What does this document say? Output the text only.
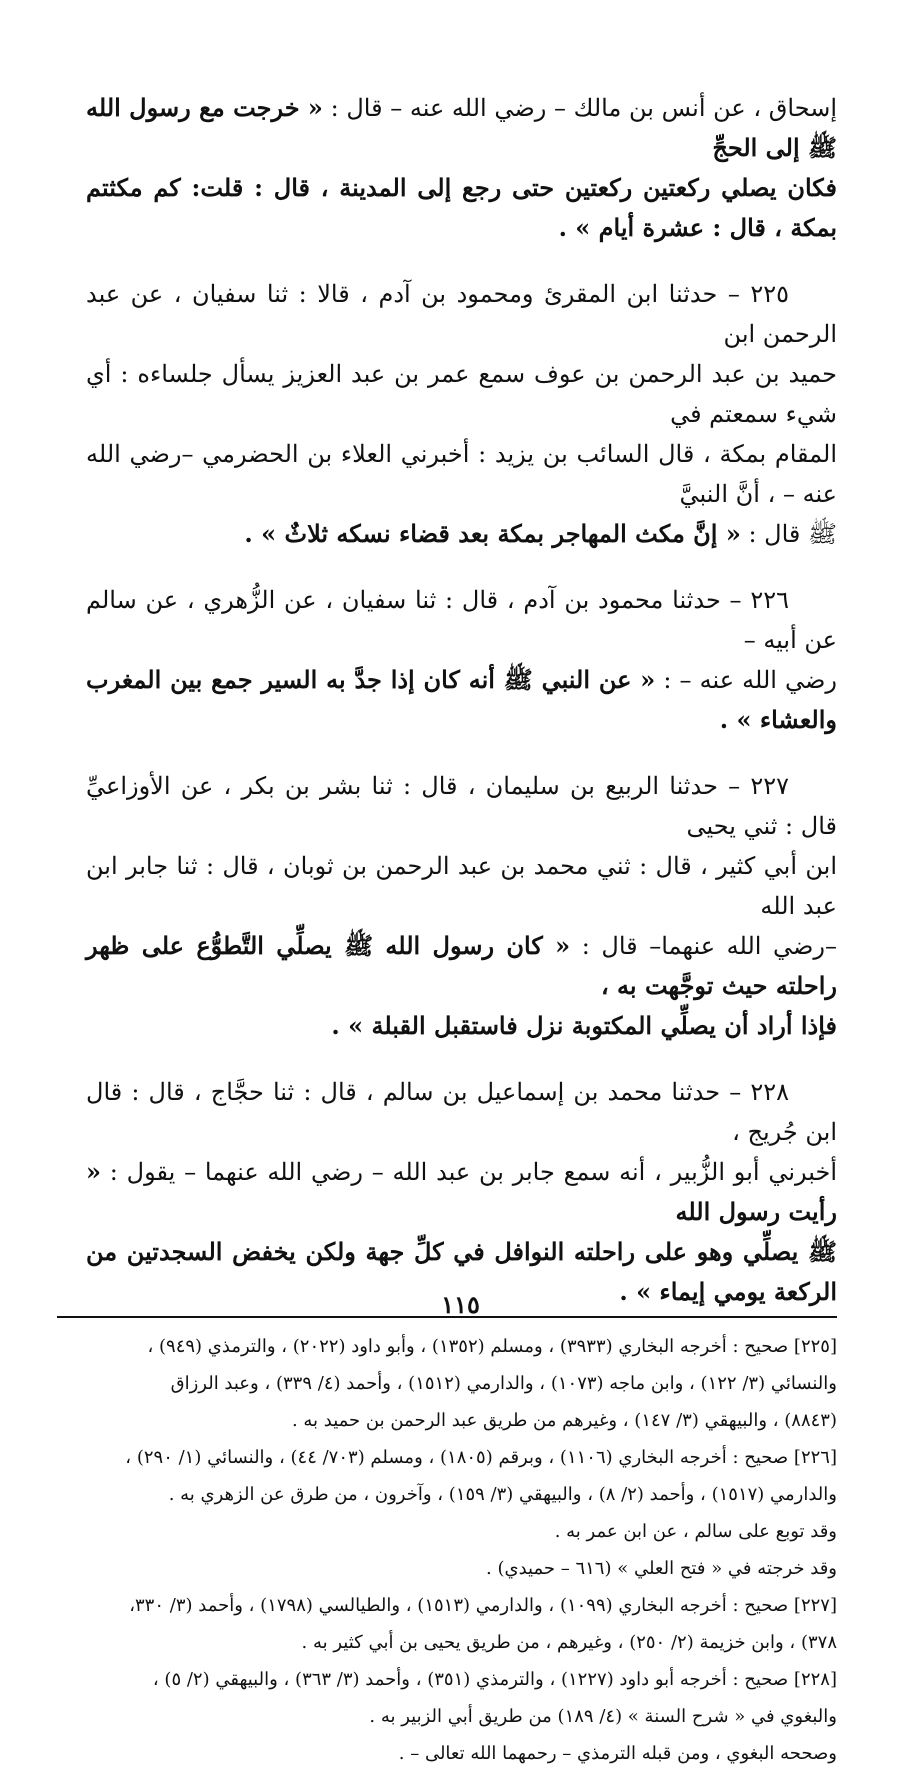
إسحاق ، عن أنس بن مالك – رضي الله عنه – قال : « خرجت مع رسول الله ﷺ إلى الحجِّ
فكان يصلي ركعتين ركعتين حتى رجع إلى المدينة ، قال : قلت: كم مكثتم بمكة ، قال : عشرة أيام » .
٢٢٥ – حدثنا ابن المقرئ ومحمود بن آدم ، قالا : ثنا سفيان ، عن عبد الرحمن ابن
حميد بن عبد الرحمن بن عوف سمع عمر بن عبد العزيز يسأل جلساءه : أي شيء سمعتم في
المقام بمكة ، قال السائب بن يزيد : أخبرني العلاء بن الحضرمي –رضي الله عنه – ، أنَّ النبيَّ
ﷺ قال : « إنَّ مكث المهاجر بمكة بعد قضاء نسكه ثلاثٌ » .
٢٢٦ – حدثنا محمود بن آدم ، قال : ثنا سفيان ، عن الزُّهري ، عن سالم عن أبيه –
رضي الله عنه – : « عن النبي ﷺ أنه كان إذا جدَّ به السير جمع بين المغرب والعشاء » .
٢٢٧ – حدثنا الربيع بن سليمان ، قال : ثنا بشر بن بكر ، عن الأوزاعيِّ قال : ثني يحيى
ابن أبي كثير ، قال : ثني محمد بن عبد الرحمن بن ثوبان ، قال : ثنا جابر ابن عبد الله
–رضي الله عنهما– قال : « كان رسول الله ﷺ يصلِّي التَّطوُّع على ظهر راحلته حيث توجَّهت به ،
فإذا أراد أن يصلِّي المكتوبة نزل فاستقبل القبلة » .
٢٢٨ – حدثنا محمد بن إسماعيل بن سالم ، قال : ثنا حجَّاج ، قال : قال ابن جُريج ،
أخبرني أبو الزُّبير ، أنه سمع جابر بن عبد الله – رضي الله عنهما – يقول : « رأيت رسول الله
ﷺ يصلِّي وهو على راحلته النوافل في كلِّ جهة ولكن يخفض السجدتين من الركعة يومي إيماء » .
[٢٢٥] صحيح : أخرجه البخاري (٣٩٣٣) ، ومسلم (١٣٥٢) ، وأبو داود (٢٠٢٢) ، والترمذي (٩٤٩) ،
والنسائي (٣/ ١٢٢) ، وابن ماجه (١٠٧٣) ، والدارمي (١٥١٢) ، وأحمد (٤/ ٣٣٩) ، وعبد الرزاق
(٨٨٤٣) ، والبيهقي (٣/ ١٤٧) ، وغيرهم من طريق عبد الرحمن بن حميد به .
[٢٢٦] صحيح : أخرجه البخاري (١١٠٦) ، وبرقم (١٨٠٥) ، ومسلم (٧٠٣/ ٤٤) ، والنسائي (١/ ٢٩٠) ،
والدارمي (١٥١٧) ، وأحمد (٢/ ٨) ، والبيهقي (٣/ ١٥٩) ، وآخرون ، من طرق عن الزهري به .
وقد توبع على سالم ، عن ابن عمر به .
وقد خرجته في « فتح العلي » (٦١٦ – حميدي) .
[٢٢٧] صحيح : أخرجه البخاري (١٠٩٩) ، والدارمي (١٥١٣) ، والطيالسي (١٧٩٨) ، وأحمد (٣/ ٣٣٠،
٣٧٨) ، وابن خزيمة (٢/ ٢٥٠) ، وغيرهم ، من طريق يحيى بن أبي كثير به .
[٢٢٨] صحيح : أخرجه أبو داود (١٢٢٧) ، والترمذي (٣٥١) ، وأحمد (٣/ ٣٦٣) ، والبيهقي (٢/ ٥) ،
والبغوي في « شرح السنة » (٤/ ١٨٩) من طريق أبي الزبير به .
وصححه البغوي ، ومن قبله الترمذي – رحمهما الله تعالى – .
١١٥
